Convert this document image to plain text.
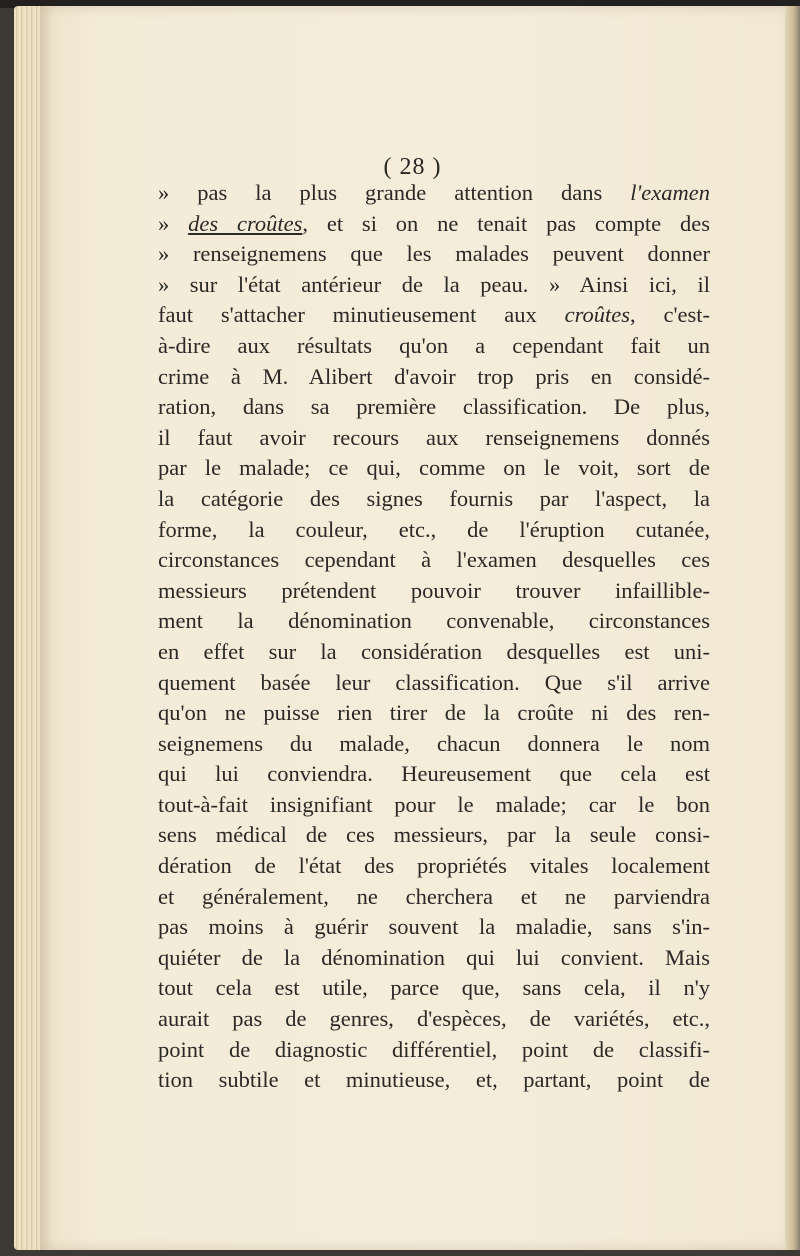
( 28 )
» pas la plus grande attention dans l'examen
» des croûtes, et si on ne tenait pas compte des
» renseignemens que les malades peuvent donner
» sur l'état antérieur de la peau. » Ainsi ici, il
faut s'attacher minutieusement aux croûtes, c'est-
à-dire aux résultats qu'on a cependant fait un
crime à M. Alibert d'avoir trop pris en considé-
ration, dans sa première classification. De plus,
il faut avoir recours aux renseignemens donnés
par le malade; ce qui, comme on le voit, sort de
la catégorie des signes fournis par l'aspect, la
forme, la couleur, etc., de l'éruption cutanée,
circonstances cependant à l'examen desquelles ces
messieurs prétendent pouvoir trouver infaillible-
ment la dénomination convenable, circonstances
en effet sur la considération desquelles est uni-
quement basée leur classification. Que s'il arrive
qu'on ne puisse rien tirer de la croûte ni des ren-
seignemens du malade, chacun donnera le nom
qui lui conviendra. Heureusement que cela est
tout-à-fait insignifiant pour le malade; car le bon
sens médical de ces messieurs, par la seule consi-
dération de l'état des propriétés vitales localement
et généralement, ne cherchera et ne parviendra
pas moins à guérir souvent la maladie, sans s'in-
quiéter de la dénomination qui lui convient. Mais
tout cela est utile, parce que, sans cela, il n'y
aurait pas de genres, d'espèces, de variétés, etc.,
point de diagnostic différentiel, point de classifi-
tion subtile et minutieuse, et, partant, point de
